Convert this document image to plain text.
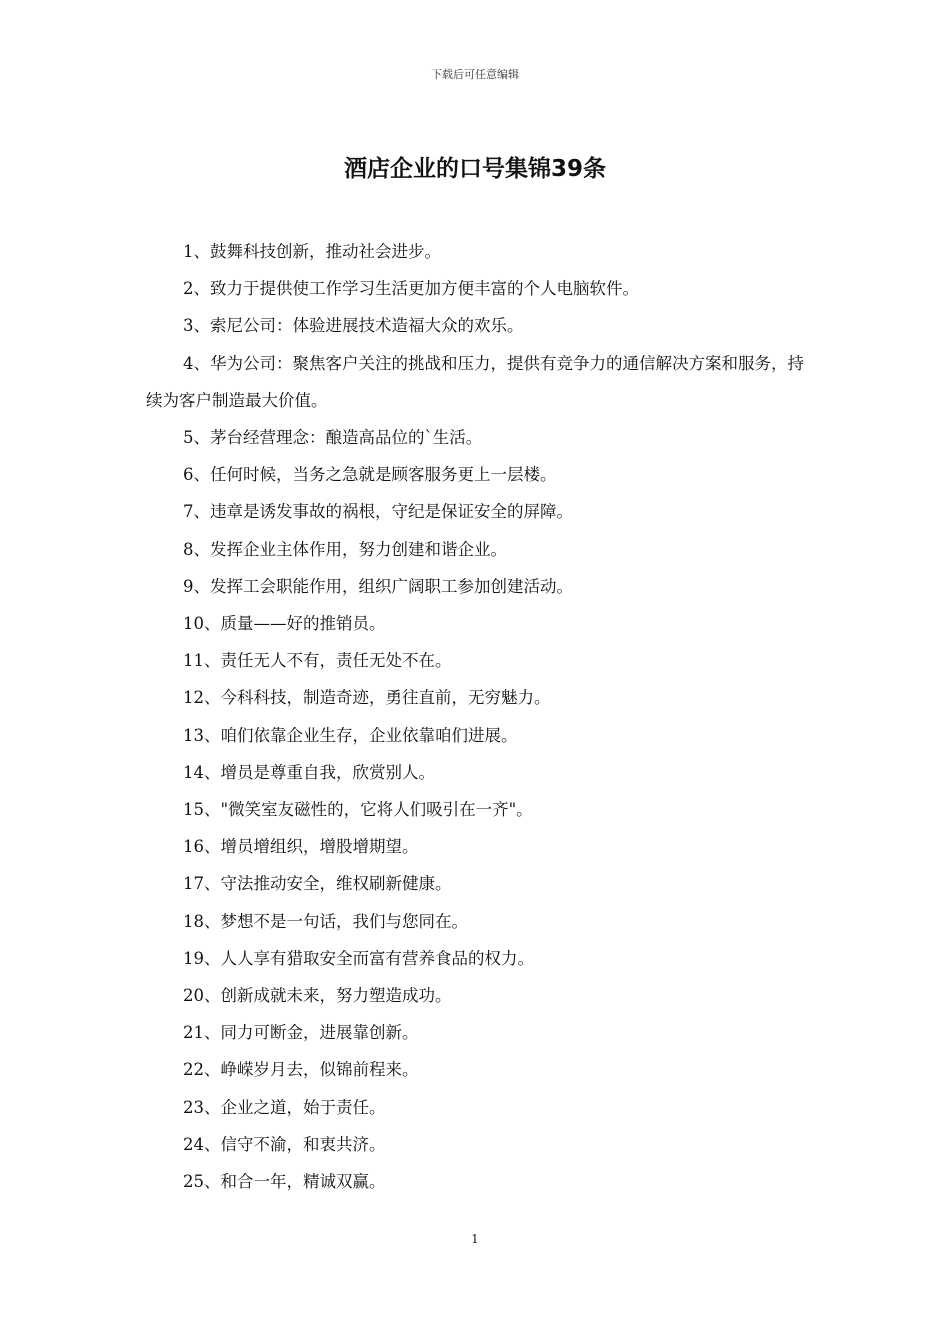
下载后可任意编辑
酒店企业的口号集锦39条

1、鼓舞科技创新，推动社会进步。

2、致力于提供使工作学习生活更加方便丰富的个人电脑软件。

3、索尼公司：体验进展技术造福大众的欢乐。

4、华为公司：聚焦客户关注的挑战和压力，提供有竞争力的通信解决方案和服务，持续为客户制造最大价值。

5、茅台经营理念：酿造高品位的`生活。

6、任何时候，当务之急就是顾客服务更上一层楼。

7、违章是诱发事故的祸根，守纪是保证安全的屏障。

8、发挥企业主体作用，努力创建和谐企业。

9、发挥工会职能作用，组织广阔职工参加创建活动。

10、质量——好的推销员。

11、责任无人不有，责任无处不在。

12、今科科技，制造奇迹，勇往直前，无穷魅力。

13、咱们依靠企业生存，企业依靠咱们进展。

14、增员是尊重自我，欣赏别人。

15、"微笑室友磁性的，它将人们吸引在一齐"。

16、增员增组织，增股增期望。

17、守法推动安全，维权刷新健康。

18、梦想不是一句话，我们与您同在。

19、人人享有猎取安全而富有营养食品的权力。

20、创新成就未来，努力塑造成功。

21、同力可断金，进展靠创新。

22、峥嵘岁月去，似锦前程来。

23、企业之道，始于责任。

24、信守不渝，和衷共济。

25、和合一年，精诚双赢。

1
